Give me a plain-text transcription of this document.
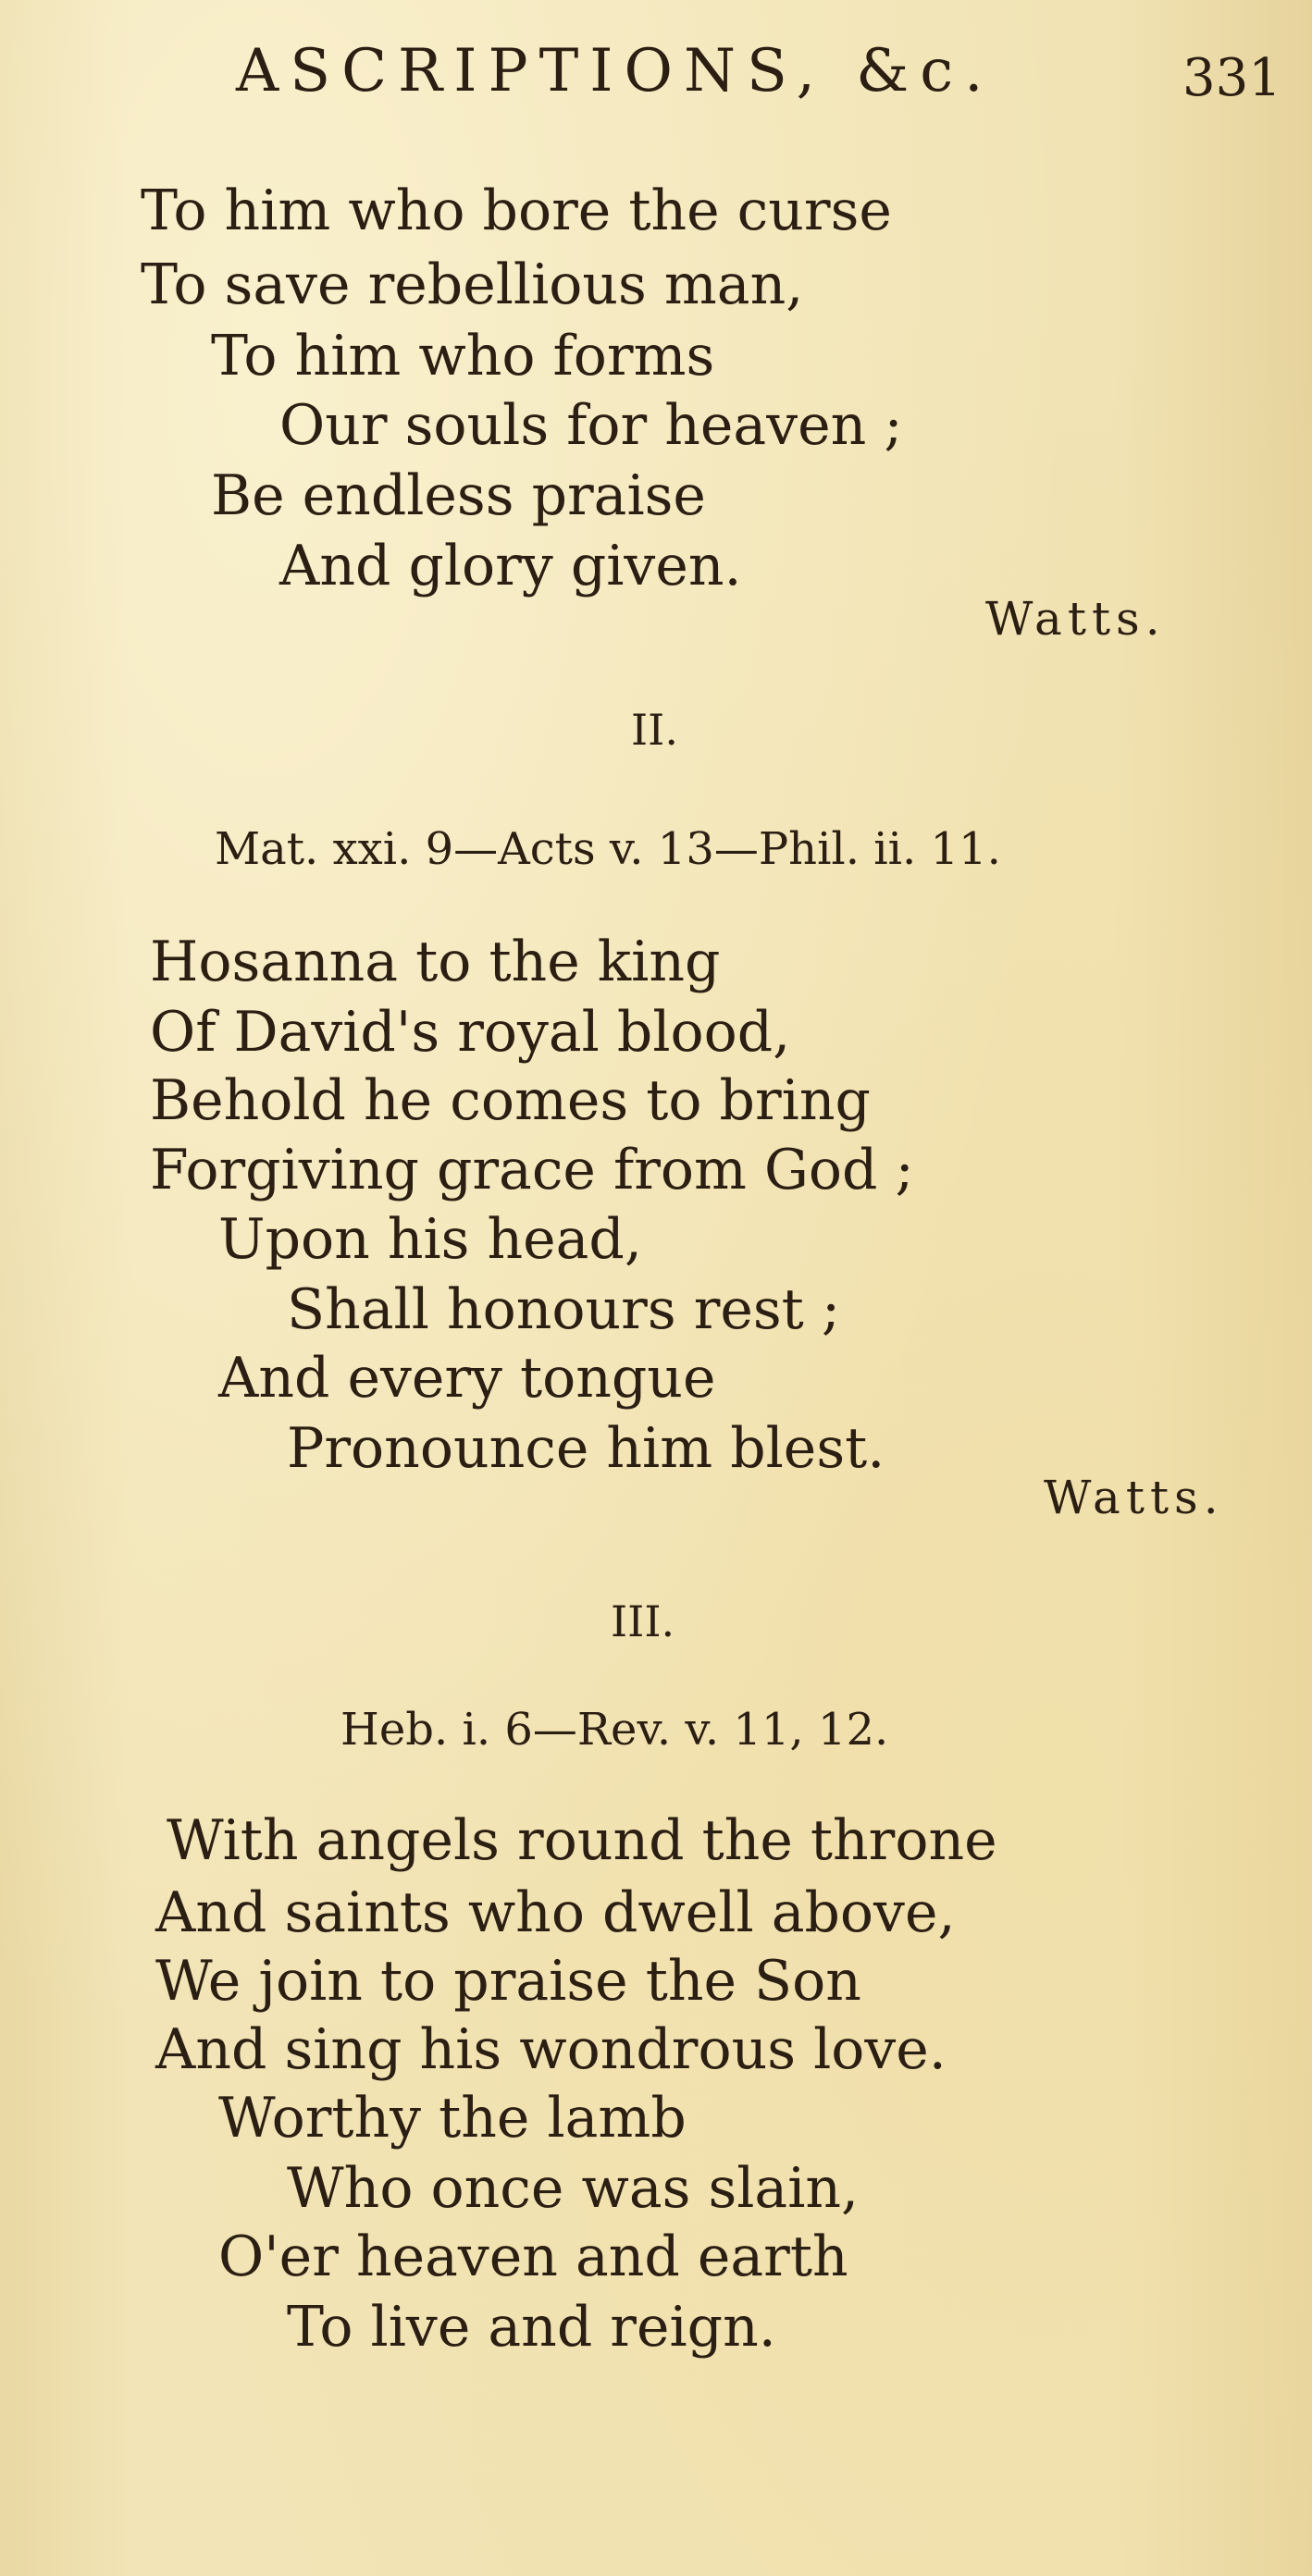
ASCRIPTIONS, &c.	331
To him who bore the curse
To save rebellious man,
To him who forms
Our souls for heaven ;
Be endless praise
And glory given.
Watts.
II.
Mat. xxi. 9—Acts v. 13—Phil. ii. 11.
Hosanna to the king
Of David's royal blood,
Behold he comes to bring
Forgiving grace from God ;
Upon his head,
Shall honours rest ;
And every tongue
Pronounce him blest.
Watts.
III.
Heb. i. 6—Rev. v. 11, 12.
With angels round the throne
And saints who dwell above,
We join to praise the Son
And sing his wondrous love.
Worthy the lamb
Who once was slain,
O'er heaven and earth
To live and reign.
